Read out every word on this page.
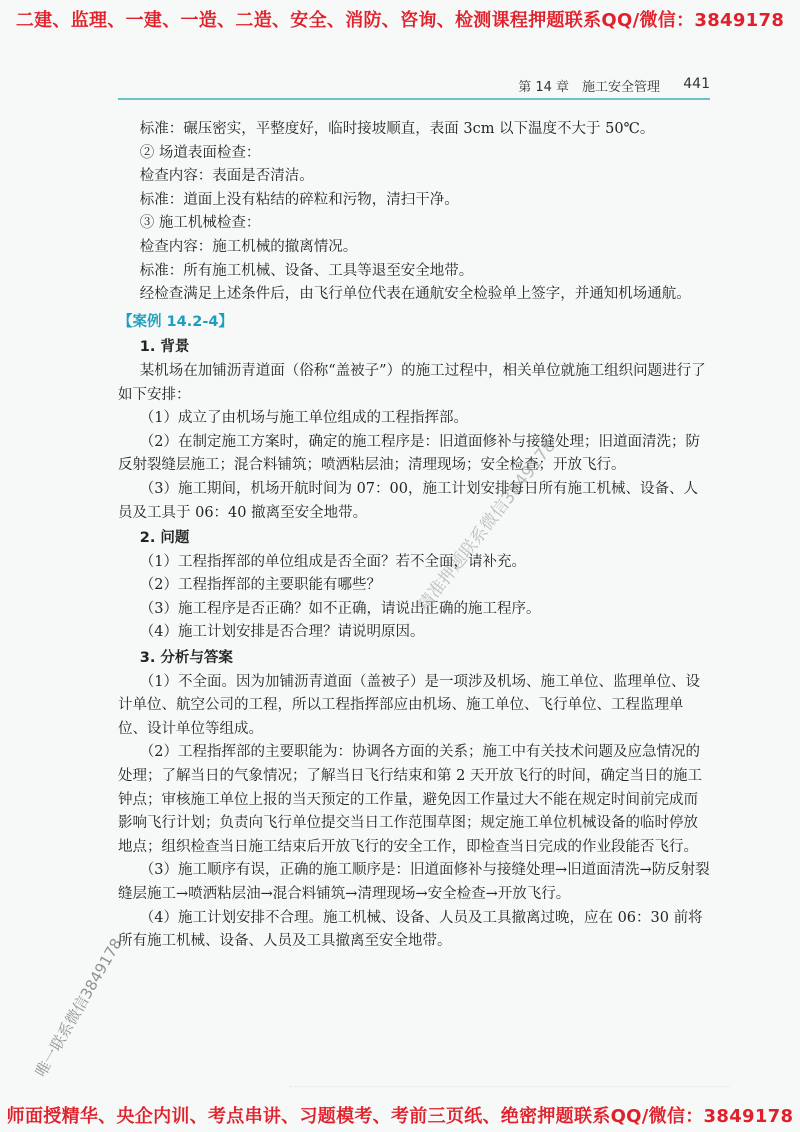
二建、监理、一建、一造、二造、安全、消防、咨询、检测课程押题联系QQ/微信：3849178
第 14 章　施工安全管理 441

标准：碾压密实，平整度好，临时接坡顺直，表面 3cm 以下温度不大于 50℃。

② 场道表面检查：

检查内容：表面是否清洁。

标准：道面上没有粘结的碎粒和污物，清扫干净。

③ 施工机械检查：

检查内容：施工机械的撤离情况。

标准：所有施工机械、设备、工具等退至安全地带。

经检查满足上述条件后，由飞行单位代表在通航安全检验单上签字，并通知机场通航。

【案例 14.2-4】
1. 背景

某机场在加铺沥青道面（俗称“盖被子”）的施工过程中，相关单位就施工组织问题进行了如下安排：

（1）成立了由机场与施工单位组成的工程指挥部。

（2）在制定施工方案时，确定的施工程序是：旧道面修补与接缝处理；旧道面清洗；防反射裂缝层施工；混合料铺筑；喷洒粘层油；清理现场；安全检查；开放飞行。

（3）施工期间，机场开航时间为 07：00，施工计划安排每日所有施工机械、设备、人员及工具于 06：40 撤离至安全地带。

2. 问题

（1）工程指挥部的单位组成是否全面？若不全面，请补充。

（2）工程指挥部的主要职能有哪些？

（3）施工程序是否正确？如不正确，请说出正确的施工程序。

（4）施工计划安排是否合理？请说明原因。

3. 分析与答案

（1）不全面。因为加铺沥青道面（盖被子）是一项涉及机场、施工单位、监理单位、设计单位、航空公司的工程，所以工程指挥部应由机场、施工单位、飞行单位、工程监理单位、设计单位等组成。

（2）工程指挥部的主要职能为：协调各方面的关系；施工中有关技术问题及应急情况的处理；了解当日的气象情况；了解当日飞行结束和第 2 天开放飞行的时间，确定当日的施工钟点；审核施工单位上报的当天预定的工作量，避免因工作量过大不能在规定时间前完成而影响飞行计划；负责向飞行单位提交当日工作范围草图；规定施工单位机械设备的临时停放地点；组织检查当日施工结束后开放飞行的安全工作，即检查当日完成的作业段能否飞行。

（3）施工顺序有误，正确的施工顺序是：旧道面修补与接缝处理→旧道面清洗→防反射裂缝层施工→喷洒粘层油→混合料铺筑→清理现场→安全检查→开放飞行。

（4）施工计划安排不合理。施工机械、设备、人员及工具撤离过晚，应在 06：30 前将所有施工机械、设备、人员及工具撤离至安全地带。

精准押题联系微信3849178
唯一联系微信3849178
师面授精华、央企内训、考点串讲、习题模考、考前三页纸、绝密押题联系QQ/微信：3849178
